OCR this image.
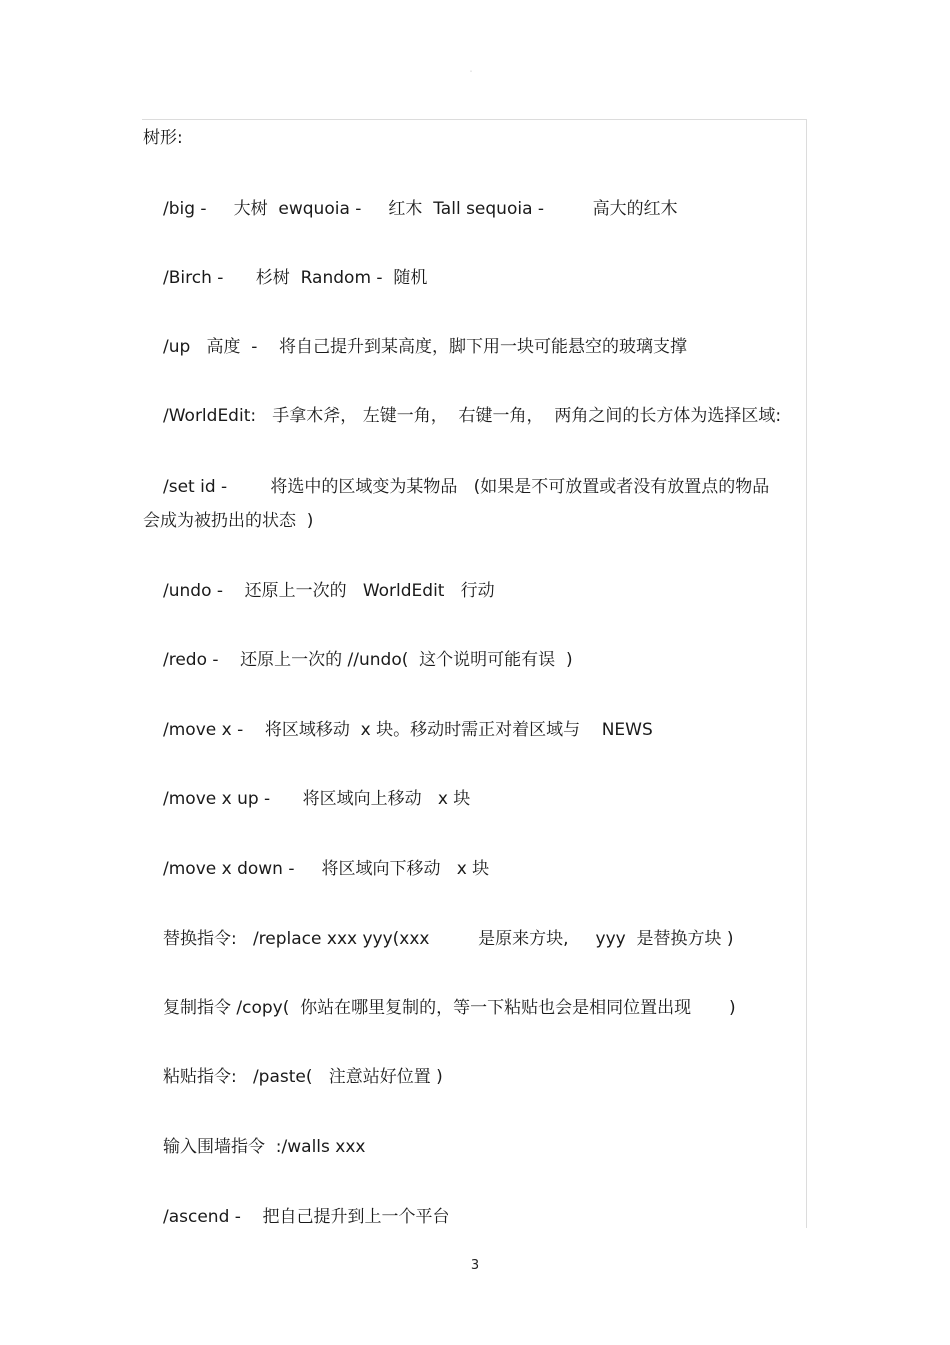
˙
树形:
/big -     大树  ewquoia -     红木  Tall sequoia -         高大的红木
/Birch -      杉树  Random -  随机
/up   高度  -    将自己提升到某高度，脚下用一块可能悬空的玻璃支撑
/WorldEdit:   手拿木斧， 左键一角，  右键一角，  两角之间的长方体为选择区域:
/set id -        将选中的区域变为某物品   (如果是不可放置或者没有放置点的物品
会成为被扔出的状态  )
/undo -    还原上一次的   WorldEdit   行动
/redo -    还原上一次的 //undo(  这个说明可能有误  )
/move x -    将区域移动  x 块。移动时需正对着区域与    NEWS
/move x up -      将区域向上移动   x 块
/move x down -     将区域向下移动   x 块
替换指令:   /replace xxx yyy(xxx         是原来方块,     yyy  是替换方块 )
复制指令 /copy(  你站在哪里复制的，等一下粘贴也会是相同位置出现       )
粘贴指令:   /paste(   注意站好位置 )
输入围墙指令  :/walls xxx
/ascend -    把自己提升到上一个平台
3
